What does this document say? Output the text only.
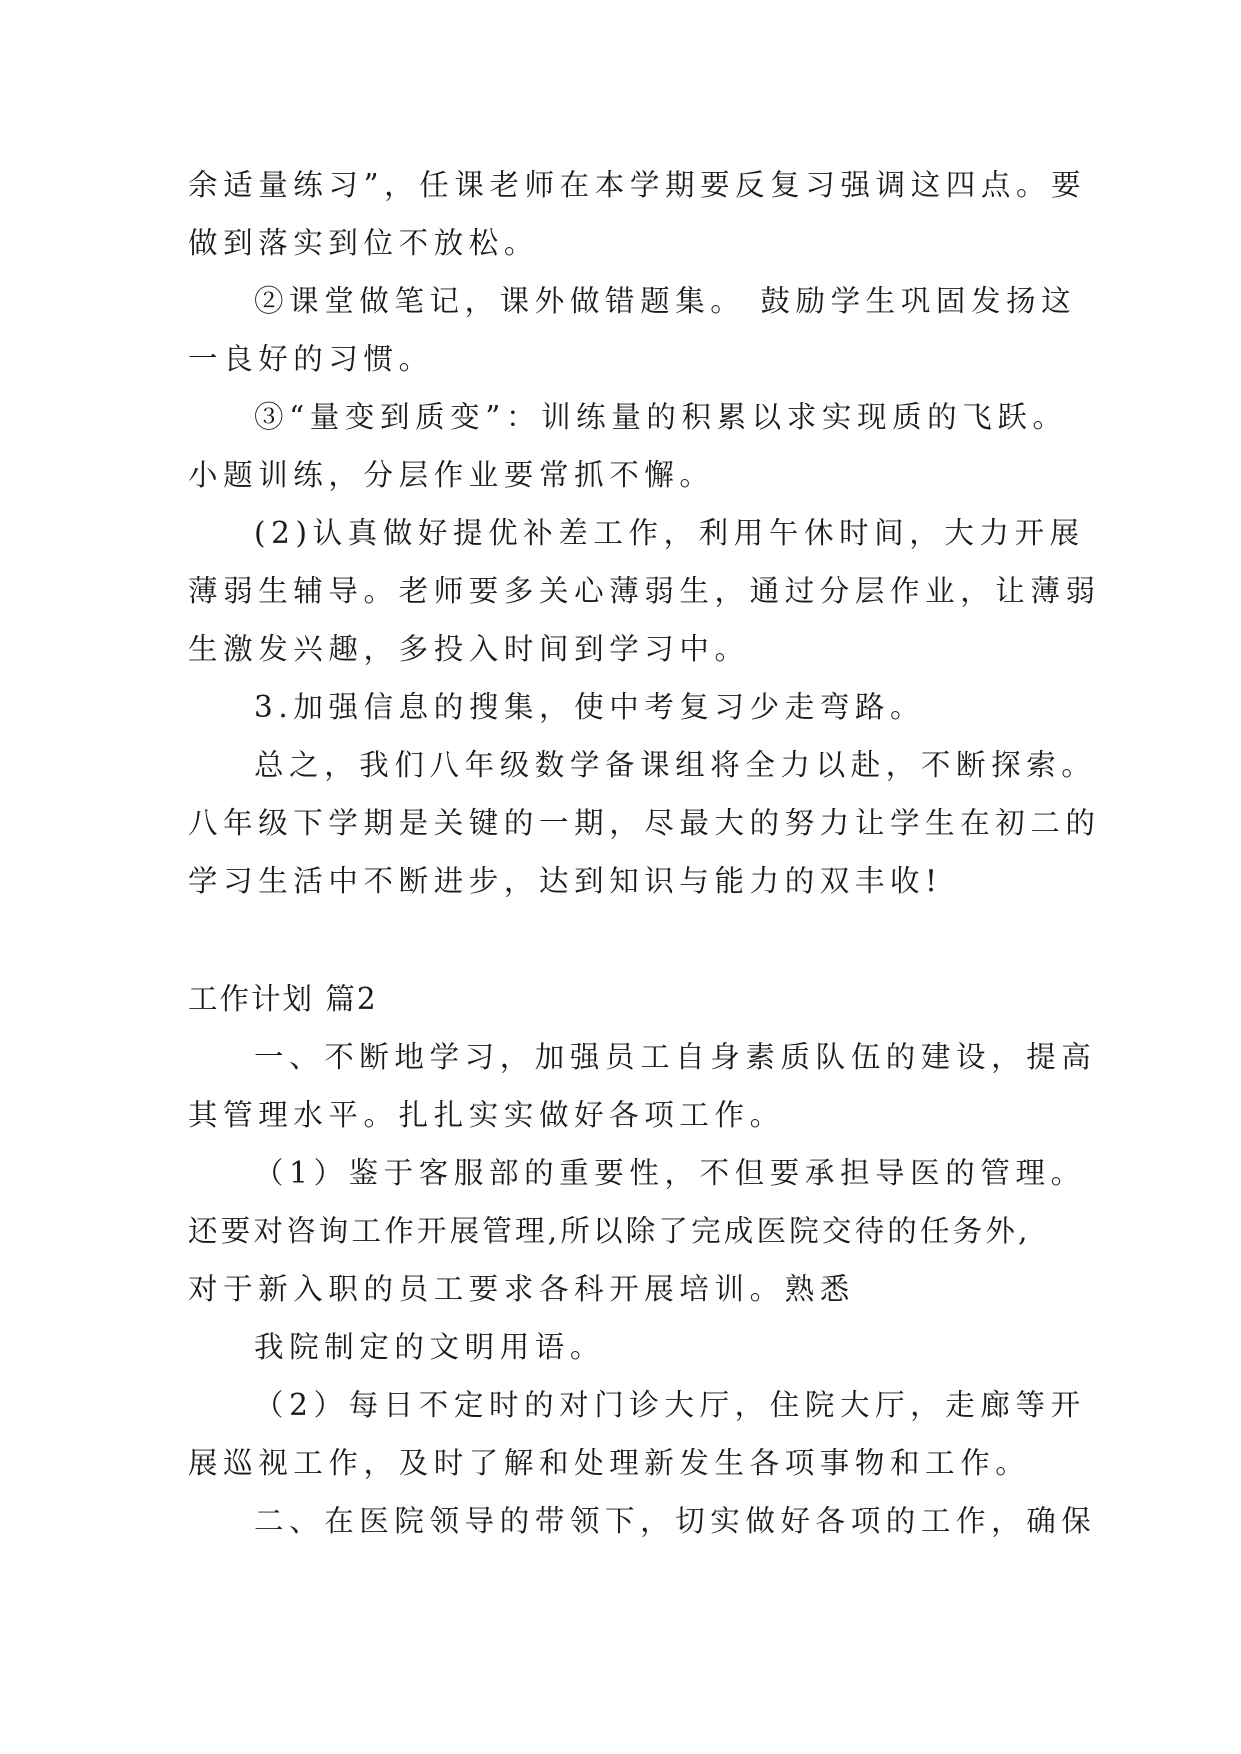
余适量练习”，任课老师在本学期要反复习强调这四点。要
做到落实到位不放松。
②课堂做笔记，课外做错题集。 鼓励学生巩固发扬这
一良好的习惯。
③“量变到质变”：训练量的积累以求实现质的飞跃。
小题训练，分层作业要常抓不懈。
(2)认真做好提优补差工作，利用午休时间，大力开展
薄弱生辅导。老师要多关心薄弱生，通过分层作业，让薄弱
生激发兴趣，多投入时间到学习中。
3.加强信息的搜集，使中考复习少走弯路。
总之，我们八年级数学备课组将全力以赴，不断探索。
八年级下学期是关键的一期，尽最大的努力让学生在初二的
学习生活中不断进步，达到知识与能力的双丰收!
工作计划 篇2
一、不断地学习，加强员工自身素质队伍的建设，提高
其管理水平。扎扎实实做好各项工作。
（1）鉴于客服部的重要性，不但要承担导医的管理。
还要对咨询工作开展管理,所以除了完成医院交待的任务外,
对于新入职的员工要求各科开展培训。熟悉
我院制定的文明用语。
（2）每日不定时的对门诊大厅，住院大厅，走廊等开
展巡视工作，及时了解和处理新发生各项事物和工作。
二、在医院领导的带领下，切实做好各项的工作，确保
